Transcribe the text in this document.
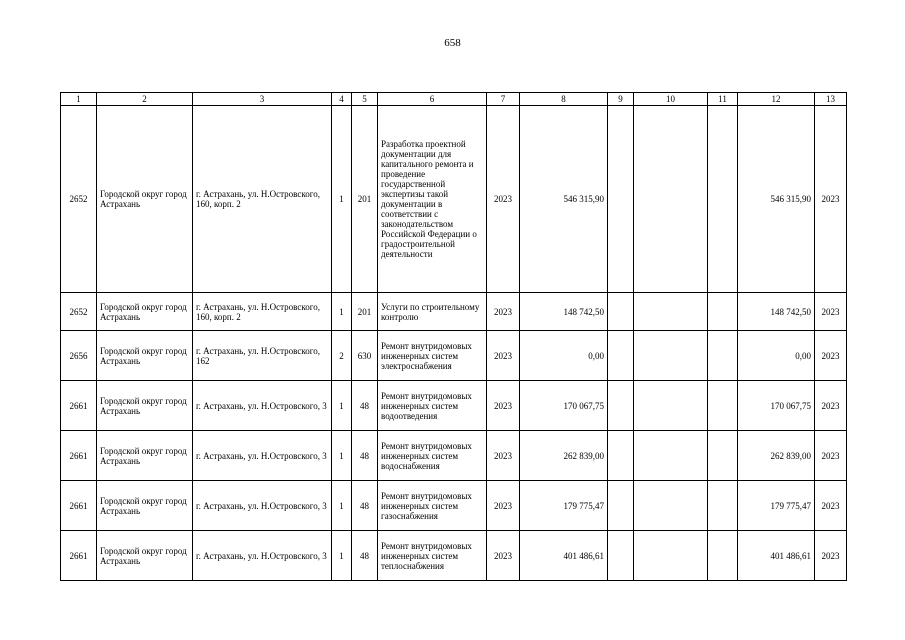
658
1	2	3	4	5	6	7	8	9	10	11	12	13
2652	Городской округ город Астрахань	г. Астрахань, ул. Н.Островского, 160, корп. 2	1	201	Разработка проектной документации для капитального ремонта и проведение государственной экспертизы такой документации в соответствии с законодательством Российской Федерации о градостроительной деятельности	2023	546 315,90				546 315,90	2023
2652	Городской округ город Астрахань	г. Астрахань, ул. Н.Островского, 160, корп. 2	1	201	Услуги по строительному контролю	2023	148 742,50				148 742,50	2023
2656	Городской округ город Астрахань	г. Астрахань, ул. Н.Островского, 162	2	630	Ремонт внутридомовых инженерных систем электроснабжения	2023	0,00				0,00	2023
2661	Городской округ город Астрахань	г. Астрахань, ул. Н.Островского, 3	1	48	Ремонт внутридомовых инженерных систем водоотведения	2023	170 067,75				170 067,75	2023
2661	Городской округ город Астрахань	г. Астрахань, ул. Н.Островского, 3	1	48	Ремонт внутридомовых инженерных систем водоснабжения	2023	262 839,00				262 839,00	2023
2661	Городской округ город Астрахань	г. Астрахань, ул. Н.Островского, 3	1	48	Ремонт внутридомовых инженерных систем газоснабжения	2023	179 775,47				179 775,47	2023
2661	Городской округ город Астрахань	г. Астрахань, ул. Н.Островского, 3	1	48	Ремонт внутридомовых инженерных систем теплоснабжения	2023	401 486,61				401 486,61	2023
